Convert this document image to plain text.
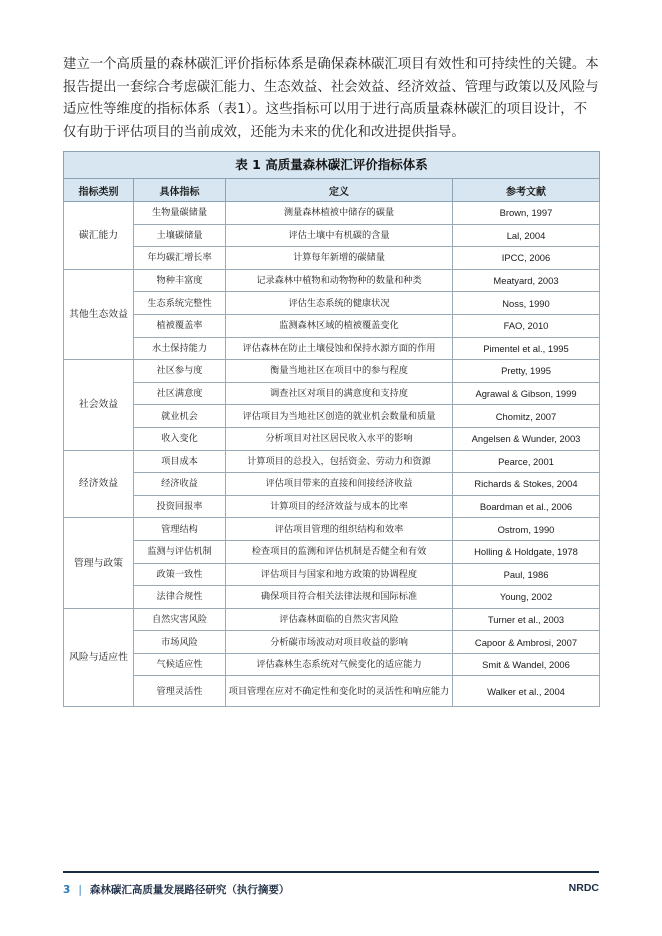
建立一个高质量的森林碳汇评价指标体系是确保森林碳汇项目有效性和可持续性的关键。本报告提出一套综合考虑碳汇能力、生态效益、社会效益、经济效益、管理与政策以及风险与适应性等维度的指标体系（表1）。这些指标可以用于进行高质量森林碳汇的项目设计，不仅有助于评估项目的当前成效，还能为未来的优化和改进提供指导。

表 1 高质量森林碳汇评价指标体系
指标类别	具体指标	定义	参考文献
碳汇能力	生物量碳储量	测量森林植被中储存的碳量	Brown, 1997
	土壤碳储量	评估土壤中有机碳的含量	Lal, 2004
	年均碳汇增长率	计算每年新增的碳储量	IPCC, 2006
其他生态效益	物种丰富度	记录森林中植物和动物物种的数量和种类	Meatyard, 2003
	生态系统完整性	评估生态系统的健康状况	Noss, 1990
	植被覆盖率	监测森林区域的植被覆盖变化	FAO, 2010
	水土保持能力	评估森林在防止土壤侵蚀和保持水源方面的作用	Pimentel et al., 1995
社会效益	社区参与度	衡量当地社区在项目中的参与程度	Pretty, 1995
	社区满意度	调查社区对项目的满意度和支持度	Agrawal & Gibson, 1999
	就业机会	评估项目为当地社区创造的就业机会数量和质量	Chomitz, 2007
	收入变化	分析项目对社区居民收入水平的影响	Angelsen & Wunder, 2003
经济效益	项目成本	计算项目的总投入，包括资金、劳动力和资源	Pearce, 2001
	经济收益	评估项目带来的直接和间接经济收益	Richards & Stokes, 2004
	投资回报率	计算项目的经济效益与成本的比率	Boardman et al., 2006
管理与政策	管理结构	评估项目管理的组织结构和效率	Ostrom, 1990
	监测与评估机制	检查项目的监测和评估机制是否健全和有效	Holling & Holdgate, 1978
	政策一致性	评估项目与国家和地方政策的协调程度	Paul, 1986
	法律合规性	确保项目符合相关法律法规和国际标准	Young, 2002
风险与适应性	自然灾害风险	评估森林面临的自然灾害风险	Turner et al., 2003
	市场风险	分析碳市场波动对项目收益的影响	Capoor & Ambrosi, 2007
	气候适应性	评估森林生态系统对气候变化的适应能力	Smit & Wandel, 2006
	管理灵活性	项目管理在应对不确定性和变化时的灵活性和响应能力	Walker et al., 2004
3 | 森林碳汇高质量发展路径研究（执行摘要）	NRDC
